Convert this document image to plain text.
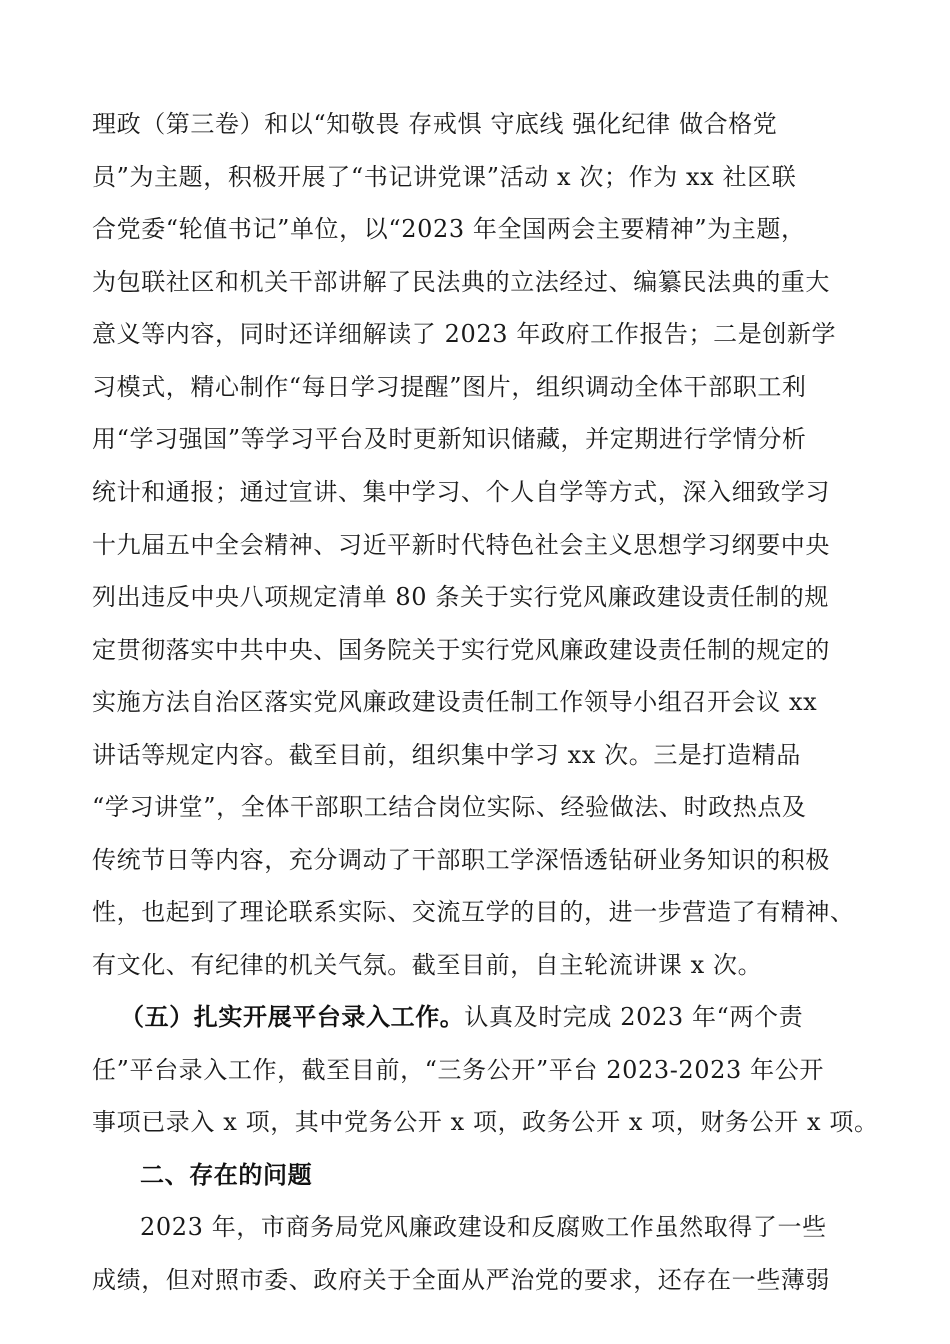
理政（第三卷）和以“知敬畏 存戒惧 守底线 强化纪律 做合格党
员”为主题，积极开展了“书记讲党课”活动 x 次；作为 xx 社区联
合党委“轮值书记”单位，以“2023 年全国两会主要精神”为主题，
为包联社区和机关干部讲解了民法典的立法经过、编纂民法典的重大
意义等内容，同时还详细解读了 2023 年政府工作报告；二是创新学
习模式，精心制作“每日学习提醒”图片，组织调动全体干部职工利
用“学习强国”等学习平台及时更新知识储藏，并定期进行学情分析
统计和通报；通过宣讲、集中学习、个人自学等方式，深入细致学习
十九届五中全会精神、习近平新时代特色社会主义思想学习纲要中央
列出违反中央八项规定清单 80 条关于实行党风廉政建设责任制的规
定贯彻落实中共中央、国务院关于实行党风廉政建设责任制的规定的
实施方法自治区落实党风廉政建设责任制工作领导小组召开会议 xx
讲话等规定内容。截至目前，组织集中学习 xx 次。三是打造精品
“学习讲堂”，全体干部职工结合岗位实际、经验做法、时政热点及
传统节日等内容，充分调动了干部职工学深悟透钻研业务知识的积极
性，也起到了理论联系实际、交流互学的目的，进一步营造了有精神、
有文化、有纪律的机关气氛。截至目前，自主轮流讲课 x 次。
（五）扎实开展平台录入工作。认真及时完成 2023 年“两个责
任”平台录入工作，截至目前，“三务公开”平台 2023-2023 年公开
事项已录入 x 项，其中党务公开 x 项，政务公开 x 项，财务公开 x 项。
二、存在的问题
2023 年，市商务局党风廉政建设和反腐败工作虽然取得了一些
成绩，但对照市委、政府关于全面从严治党的要求，还存在一些薄弱
